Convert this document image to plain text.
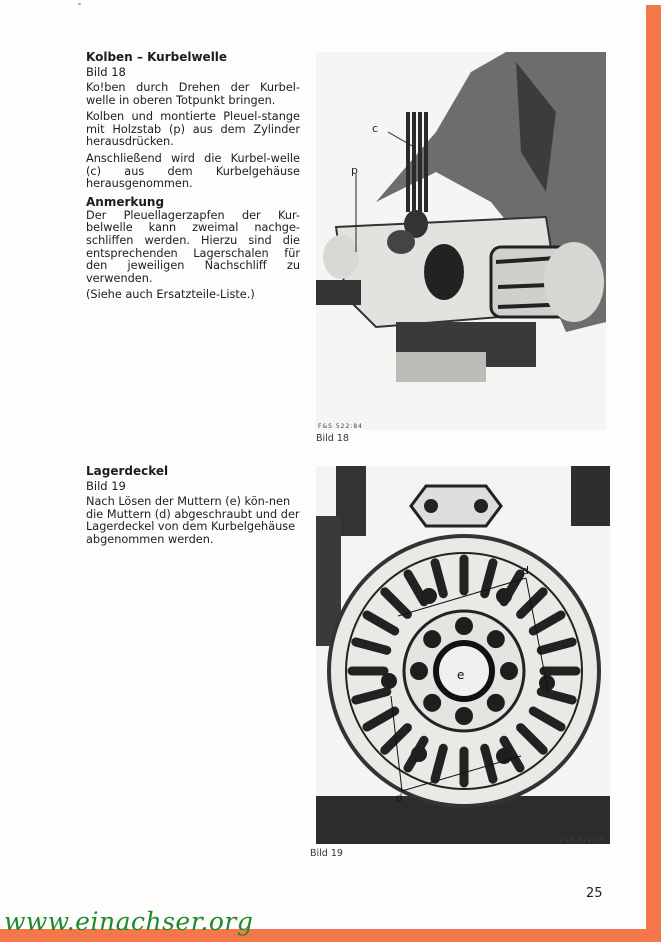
Kolben – Kurbelwelle
Bild 18

Ko!ben durch Drehen der Kurbel-welle in oberen Totpunkt bringen.

Kolben und montierte Pleuel-stange mit Holzstab (p) aus dem Zylinder herausdrücken.

Anschließend wird die Kurbel-welle (c) aus dem Kurbelgehäuse herausgenommen.

Anmerkung

Der Pleuellagerzapfen der Kur-belwelle kann zweimal nachge-schliffen werden. Hierzu sind die entsprechenden Lagerschalen für den jeweiligen Nachschliff zu verwenden.

(Siehe auch Ersatzteile-Liste.)

Lagerdeckel
Bild 19

Nach Lösen der Muttern (e) kön-nen die Muttern (d) abgeschraubt und der Lagerdeckel von dem Kurbelgehäuse abgenommen werden.

c
p
F&S 522:84
Bild 18
d
e
d
F&S 522:85
Bild 19
25
www.einachser.org
